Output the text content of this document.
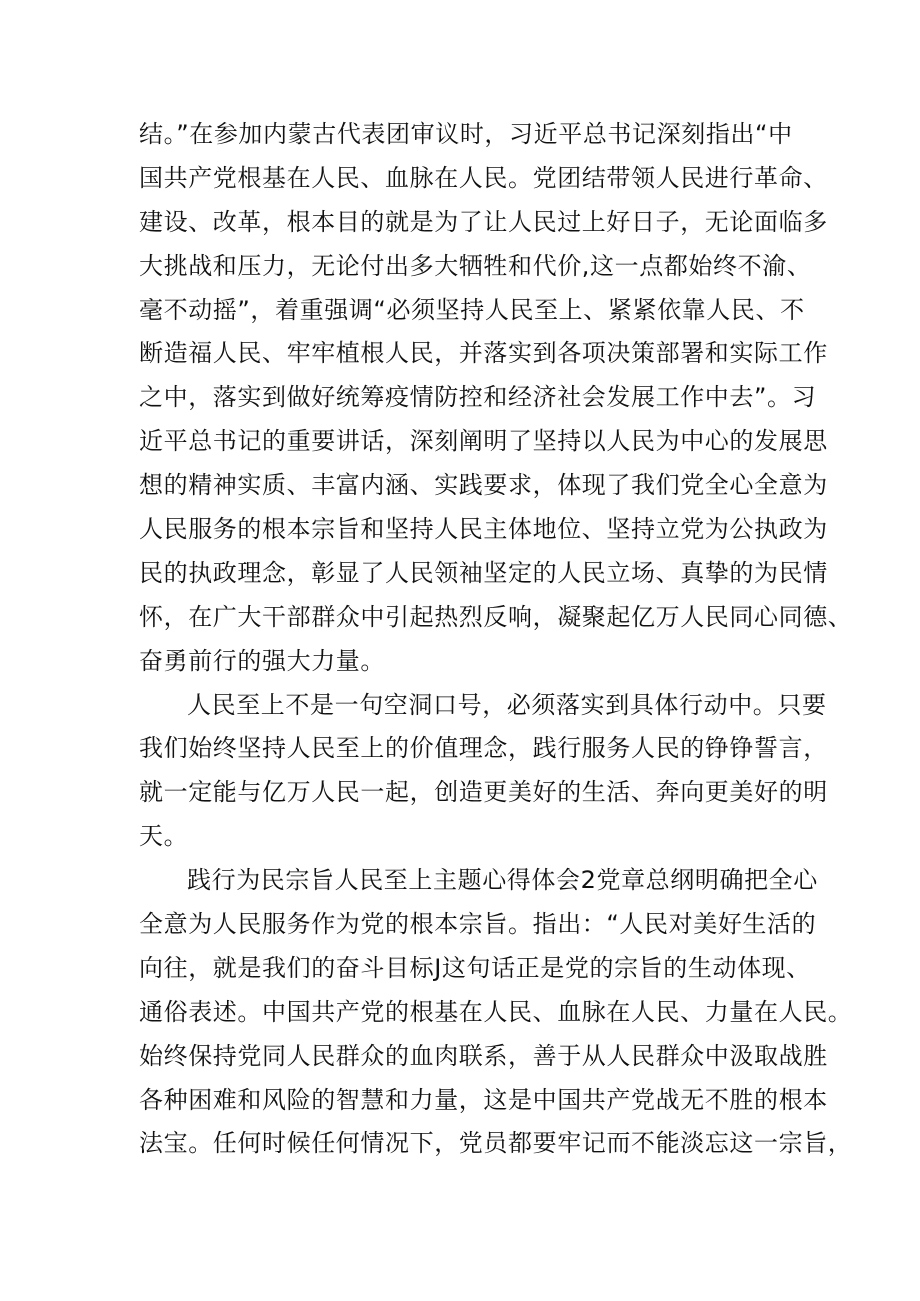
结。”在参加内蒙古代表团审议时，习近平总书记深刻指出“中
国共产党根基在人民、血脉在人民。党团结带领人民进行革命、
建设、改革，根本目的就是为了让人民过上好日子，无论面临多
大挑战和压力，无论付出多大牺牲和代价,这一点都始终不渝、
毫不动摇”，着重强调“必须坚持人民至上、紧紧依靠人民、不
断造福人民、牢牢植根人民，并落实到各项决策部署和实际工作
之中，落实到做好统筹疫情防控和经济社会发展工作中去”。习
近平总书记的重要讲话，深刻阐明了坚持以人民为中心的发展思
想的精神实质、丰富内涵、实践要求，体现了我们党全心全意为
人民服务的根本宗旨和坚持人民主体地位、坚持立党为公执政为
民的执政理念，彰显了人民领袖坚定的人民立场、真挚的为民情
怀，在广大干部群众中引起热烈反响，凝聚起亿万人民同心同德、
奋勇前行的强大力量。
人民至上不是一句空洞口号，必须落实到具体行动中。只要
我们始终坚持人民至上的价值理念，践行服务人民的铮铮誓言，
就一定能与亿万人民一起，创造更美好的生活、奔向更美好的明
天。
践行为民宗旨人民至上主题心得体会2党章总纲明确把全心
全意为人民服务作为党的根本宗旨。指出：“人民对美好生活的
向往，就是我们的奋斗目标J这句话正是党的宗旨的生动体现、
通俗表述。中国共产党的根基在人民、血脉在人民、力量在人民。
始终保持党同人民群众的血肉联系，善于从人民群众中汲取战胜
各种困难和风险的智慧和力量，这是中国共产党战无不胜的根本
法宝。任何时候任何情况下，党员都要牢记而不能淡忘这一宗旨，
